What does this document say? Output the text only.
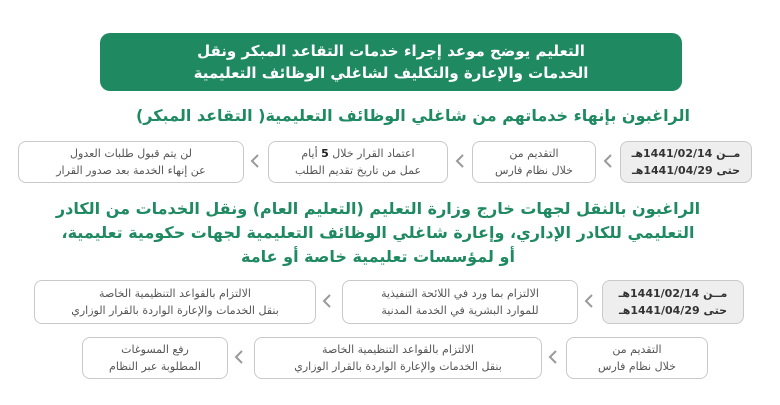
التعليم يوضح موعد إجراء خدمات التقاعد المبكر ونقل
الخدمات والإعارة والتكليف لشاغلي الوظائف التعليمية
الراغبون بإنهاء خدماتهم من شاغلي الوظائف التعليمية( التقاعد المبكر)
مــن 1441/02/14هـ
حتى 1441/04/29هـ
التقديم من
خلال نظام فارس
اعتماد القرار خلال 5 أيام
عمل من تاريخ تقديم الطلب
لن يتم قبول طلبات العدول
عن إنهاء الخدمة بعد صدور القرار
الراغبون بالنقل لجهات خارج وزارة التعليم (التعليم العام) ونقل الخدمات من الكادر
التعليمي للكادر الإداري، وإعارة شاغلي الوظائف التعليمية لجهات حكومية تعليمية،
أو لمؤسسات تعليمية خاصة أو عامة
مــن 1441/02/14هـ
حتى 1441/04/29هـ
الالتزام بما ورد في اللائحة التنفيذية
للموارد البشرية في الخدمة المدنية
الالتزام بالقواعد التنظيمية الخاصة
بنقل الخدمات والإعارة الواردة بالقرار الوزاري
التقديم من
خلال نظام فارس
الالتزام بالقواعد التنظيمية الخاصة
بنقل الخدمات والإعارة الواردة بالقرار الوزاري
رفع المسوغات
المطلوبة عبر النظام
